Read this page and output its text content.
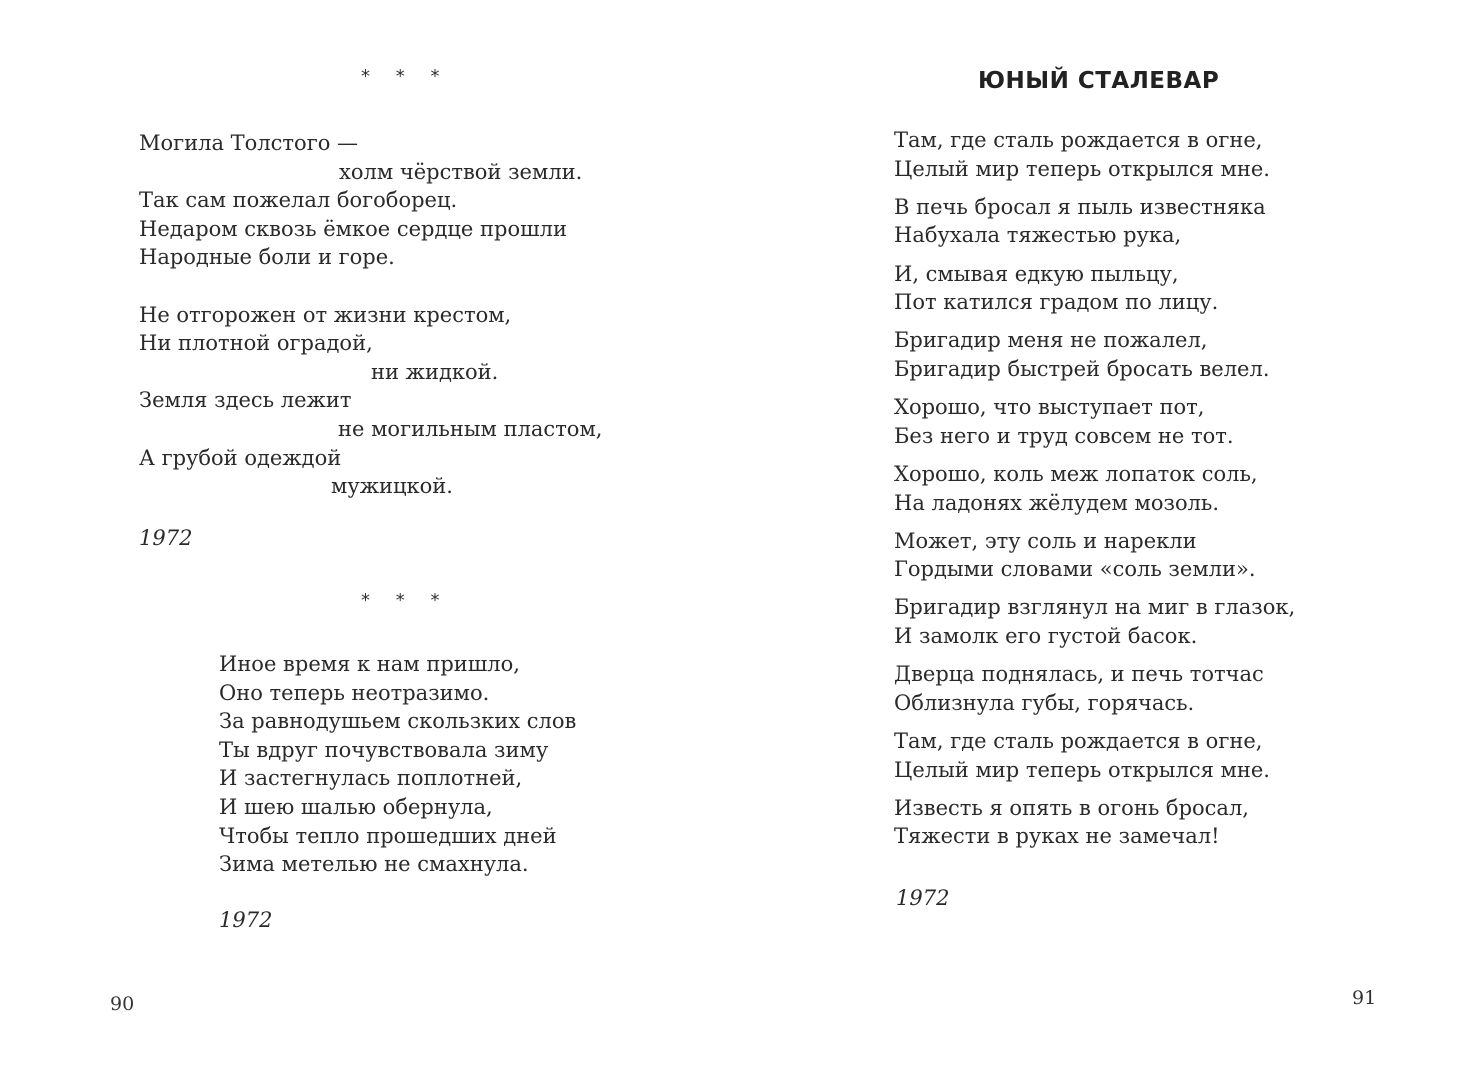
* * *
Могила Толстого —
холм чёрствой земли.
Так сам пожелал богоборец.
Недаром сквозь ёмкое сердце прошли
Народные боли и горе.
Не отгорожен от жизни крестом,
Ни плотной оградой,
ни жидкой.
Земля здесь лежит
не могильным пластом,
А грубой одеждой
мужицкой.
1972
* * *
Иное время к нам пришло,
Оно теперь неотразимо.
За равнодушьем скользких слов
Ты вдруг почувствовала зиму
И застегнулась поплотней,
И шею шалью обернула,
Чтобы тепло прошедших дней
Зима метелью не смахнула.
1972
90
ЮНЫЙ СТАЛЕВАР
Там, где сталь рождается в огне,
Целый мир теперь открылся мне.
В печь бросал я пыль известняка
Набухала тяжестью рука,
И, смывая едкую пыльцу,
Пот катился градом по лицу.
Бригадир меня не пожалел,
Бригадир быстрей бросать велел.
Хорошо, что выступает пот,
Без него и труд совсем не тот.
Хорошо, коль меж лопаток соль,
На ладонях жёлудем мозоль.
Может, эту соль и нарекли
Гордыми словами «соль земли».
Бригадир взглянул на миг в глазок,
И замолк его густой басок.
Дверца поднялась, и печь тотчас
Облизнула губы, горячась.
Там, где сталь рождается в огне,
Целый мир теперь открылся мне.
Известь я опять в огонь бросал,
Тяжести в руках не замечал!
1972
91
